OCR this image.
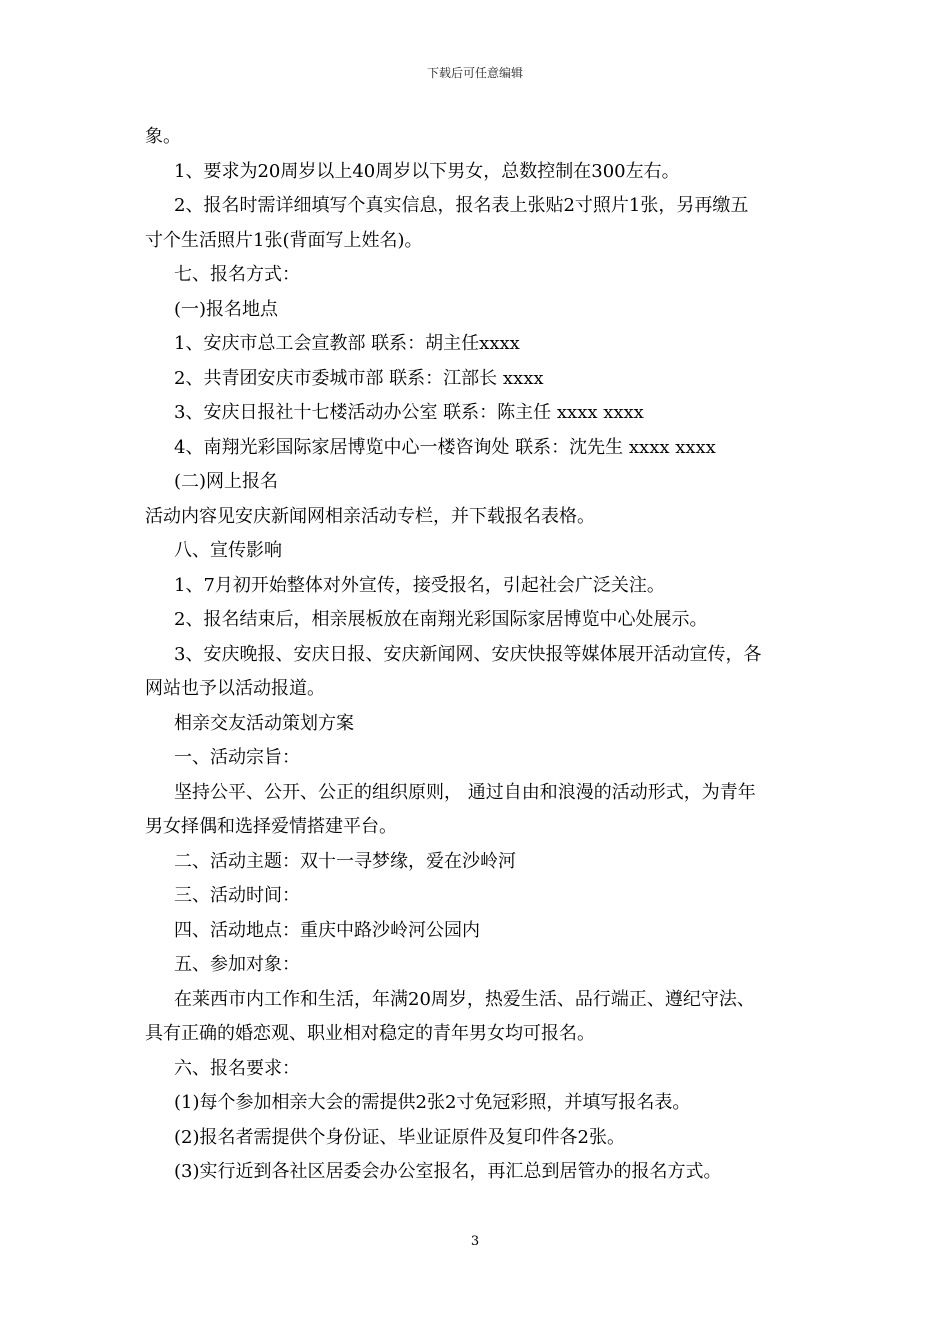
下载后可任意编辑
象。
1、要求为20周岁以上40周岁以下男女，总数控制在300左右。
2、报名时需详细填写个真实信息，报名表上张贴2寸照片1张，另再缴五
寸个生活照片1张(背面写上姓名)。
七、报名方式：
(一)报名地点
1、安庆市总工会宣教部 联系：胡主任xxxx
2、共青团安庆市委城市部 联系：江部长 xxxx
3、安庆日报社十七楼活动办公室 联系：陈主任 xxxx xxxx
4、南翔光彩国际家居博览中心一楼咨询处 联系：沈先生 xxxx xxxx
(二)网上报名
活动内容见安庆新闻网相亲活动专栏，并下载报名表格。
八、宣传影响
1、7月初开始整体对外宣传，接受报名，引起社会广泛关注。
2、报名结束后，相亲展板放在南翔光彩国际家居博览中心处展示。
3、安庆晚报、安庆日报、安庆新闻网、安庆快报等媒体展开活动宣传，各
网站也予以活动报道。
相亲交友活动策划方案
一、活动宗旨：
坚持公平、公开、公正的组织原则， 通过自由和浪漫的活动形式，为青年
男女择偶和选择爱情搭建平台。
二、活动主题：双十一寻梦缘，爱在沙岭河
三、活动时间：
四、活动地点：重庆中路沙岭河公园内
五、参加对象：
在莱西市内工作和生活，年满20周岁，热爱生活、品行端正、遵纪守法、
具有正确的婚恋观、职业相对稳定的青年男女均可报名。
六、报名要求：
(1)每个参加相亲大会的需提供2张2寸免冠彩照，并填写报名表。
(2)报名者需提供个身份证、毕业证原件及复印件各2张。
(3)实行近到各社区居委会办公室报名，再汇总到居管办的报名方式。
3
